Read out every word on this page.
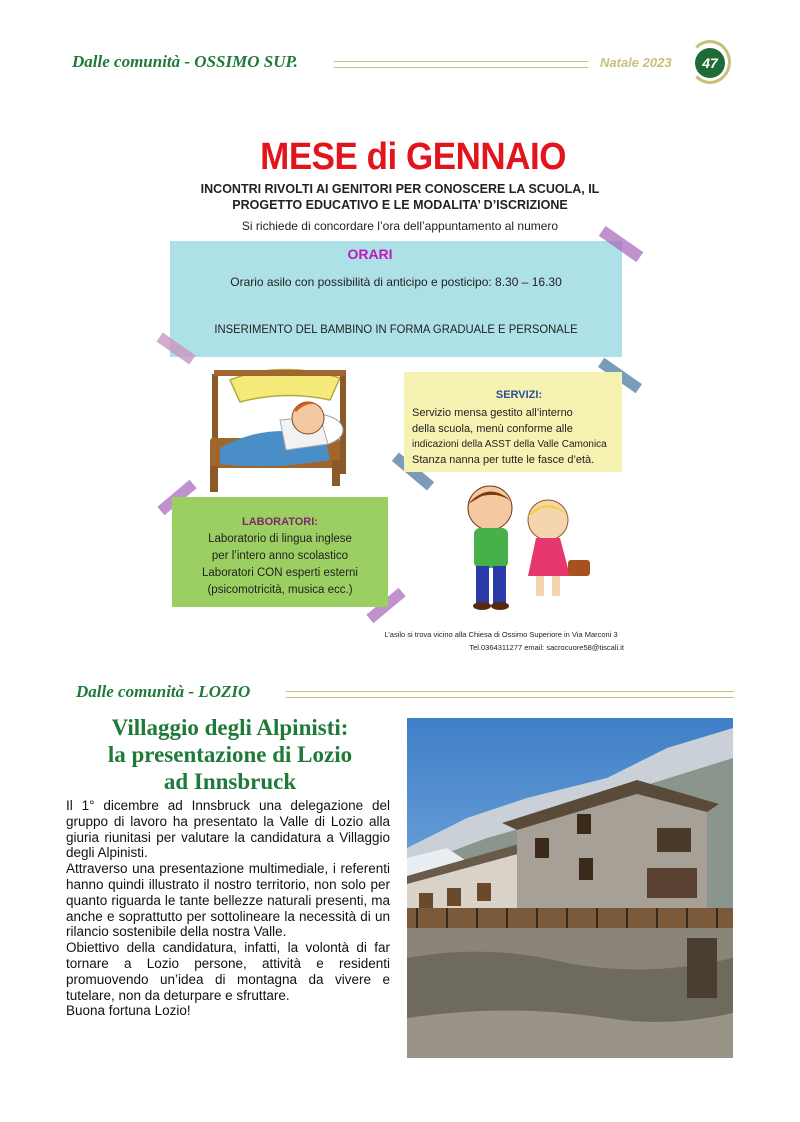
Dalle comunità - OSSIMO SUP.	Natale 2023	47
MESE di GENNAIO
INCONTRI RIVOLTI AI GENITORI PER CONOSCERE LA SCUOLA, IL
PROGETTO EDUCATIVO E LE MODALITA’ D’ISCRIZIONE
Si richiede di concordare l’ora dell’appuntamento al numero
ORARI
Orario asilo con possibilità di anticipo e posticipo: 8.30 – 16.30
INSERIMENTO DEL BAMBINO IN FORMA GRADUALE E PERSONALE
SERVIZI:
Servizio mensa gestito all’interno
della scuola, menù conforme alle
indicazioni della ASST della Valle Camonica
Stanza nanna per tutte le fasce d’età.
LABORATORI:
Laboratorio di lingua inglese
per l’intero anno scolastico
Laboratori CON esperti esterni
(psicomotricità, musica ecc.)
L’asilo si trova vicino alla Chiesa di Ossimo Superiore in Via Marconi 3
Tel.0364311277 email: sacrocuore58@tiscali.it
Dalle comunità - LOZIO
Villaggio degli Alpinisti:
la presentazione di Lozio
ad Innsbruck

Il 1° dicembre ad Innsbruck una delegazione del gruppo di lavoro ha presentato la Valle di Lozio alla giuria riunitasi per valutare la candidatura a Villaggio degli Alpinisti.

Attraverso una presentazione multimediale, i referenti hanno quindi illustrato il nostro territorio, non solo per quanto riguarda le tante bellezze naturali presenti, ma anche e soprattutto per sottolineare la necessità di un rilancio sostenibile della nostra Valle.

Obiettivo della candidatura, infatti, la volontà di far tornare a Lozio persone, attività e residenti promuovendo un’idea di montagna da vivere e tutelare, non da deturpare e sfruttare.

Buona fortuna Lozio!
